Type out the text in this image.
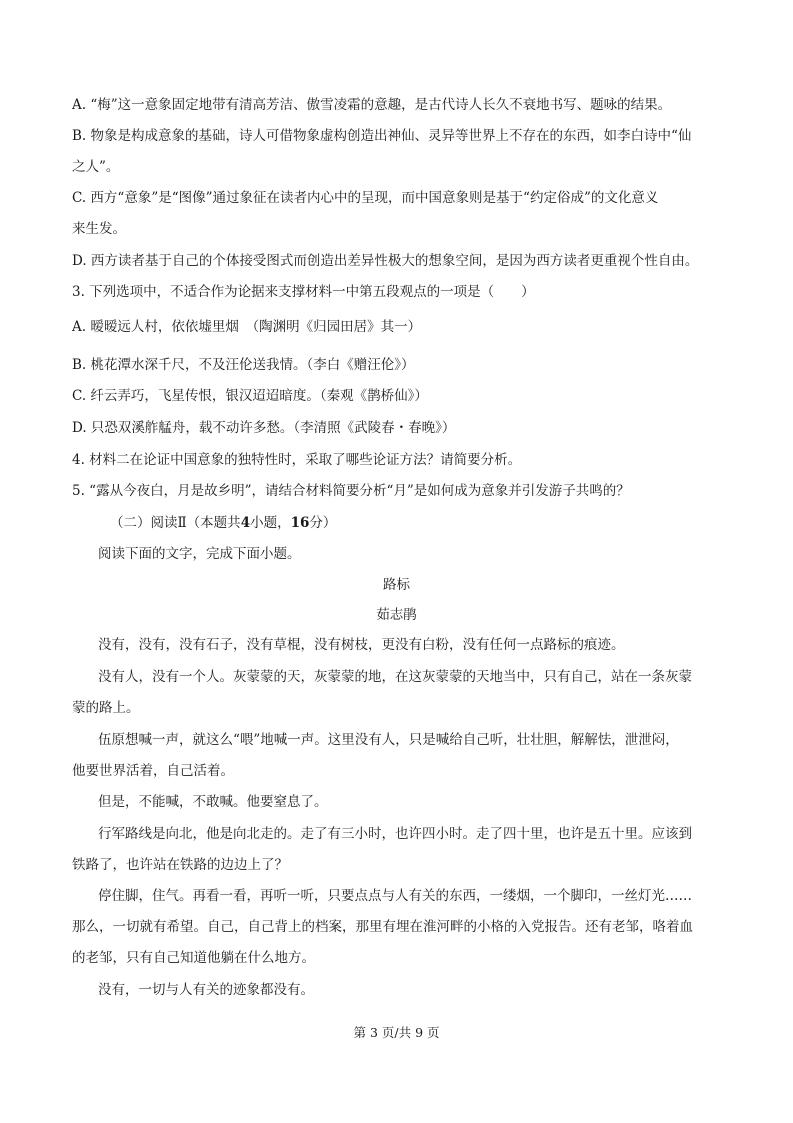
A. “梅”这一意象固定地带有清高芳洁、傲雪凌霜的意趣，是古代诗人长久不衰地书写、题咏的结果。
B. 物象是构成意象的基础，诗人可借物象虚构创造出神仙、灵异等世界上不存在的东西，如李白诗中“仙
之人”。
C. 西方“意象”是“图像”通过象征在读者内心中的呈现，而中国意象则是基于“约定俗成”的文化意义
来生发。
D. 西方读者基于自己的个体接受图式而创造出差异性极大的想象空间，是因为西方读者更重视个性自由。
3. 下列选项中，不适合作为论据来支撑材料一中第五段观点的一项是（　　）
A. 暧暧远人村，依依墟里烟　（陶渊明《归园田居》其一）
B. 桃花潭水深千尺，不及汪伦送我情。（李白《赠汪伦》）
C. 纤云弄巧，飞星传恨，银汉迢迢暗度。（秦观《鹊桥仙》）
D. 只恐双溪舴艋舟，载不动许多愁。（李清照《武陵春・春晚》）
4. 材料二在论证中国意象的独特性时，采取了哪些论证方法？请简要分析。
5. “露从今夜白，月是故乡明”，请结合材料简要分析“月”是如何成为意象并引发游子共鸣的？
（二）阅读Ⅱ（本题共4小题，16分）
阅读下面的文字，完成下面小题。
路标
茹志鹃
没有，没有，没有石子，没有草棍，没有树枝，更没有白粉，没有任何一点路标的痕迹。
没有人，没有一个人。灰蒙蒙的天，灰蒙蒙的地，在这灰蒙蒙的天地当中，只有自己，站在一条灰蒙
蒙的路上。
伍原想喊一声，就这么“喂”地喊一声。这里没有人，只是喊给自己听，壮壮胆，解解怯，泄泄闷，
他要世界活着，自己活着。
但是，不能喊，不敢喊。他要窒息了。
行军路线是向北，他是向北走的。走了有三小时，也许四小时。走了四十里，也许是五十里。应该到
铁路了，也许站在铁路的边边上了？
停住脚，住气。再看一看，再听一听，只要点点与人有关的东西，一缕烟，一个脚印，一丝灯光……
那么，一切就有希望。自己，自己背上的档案，那里有埋在淮河畔的小格的入党报告。还有老邹，咯着血
的老邹，只有自己知道他躺在什么地方。
没有，一切与人有关的迹象都没有。
第 3 页/共 9 页
